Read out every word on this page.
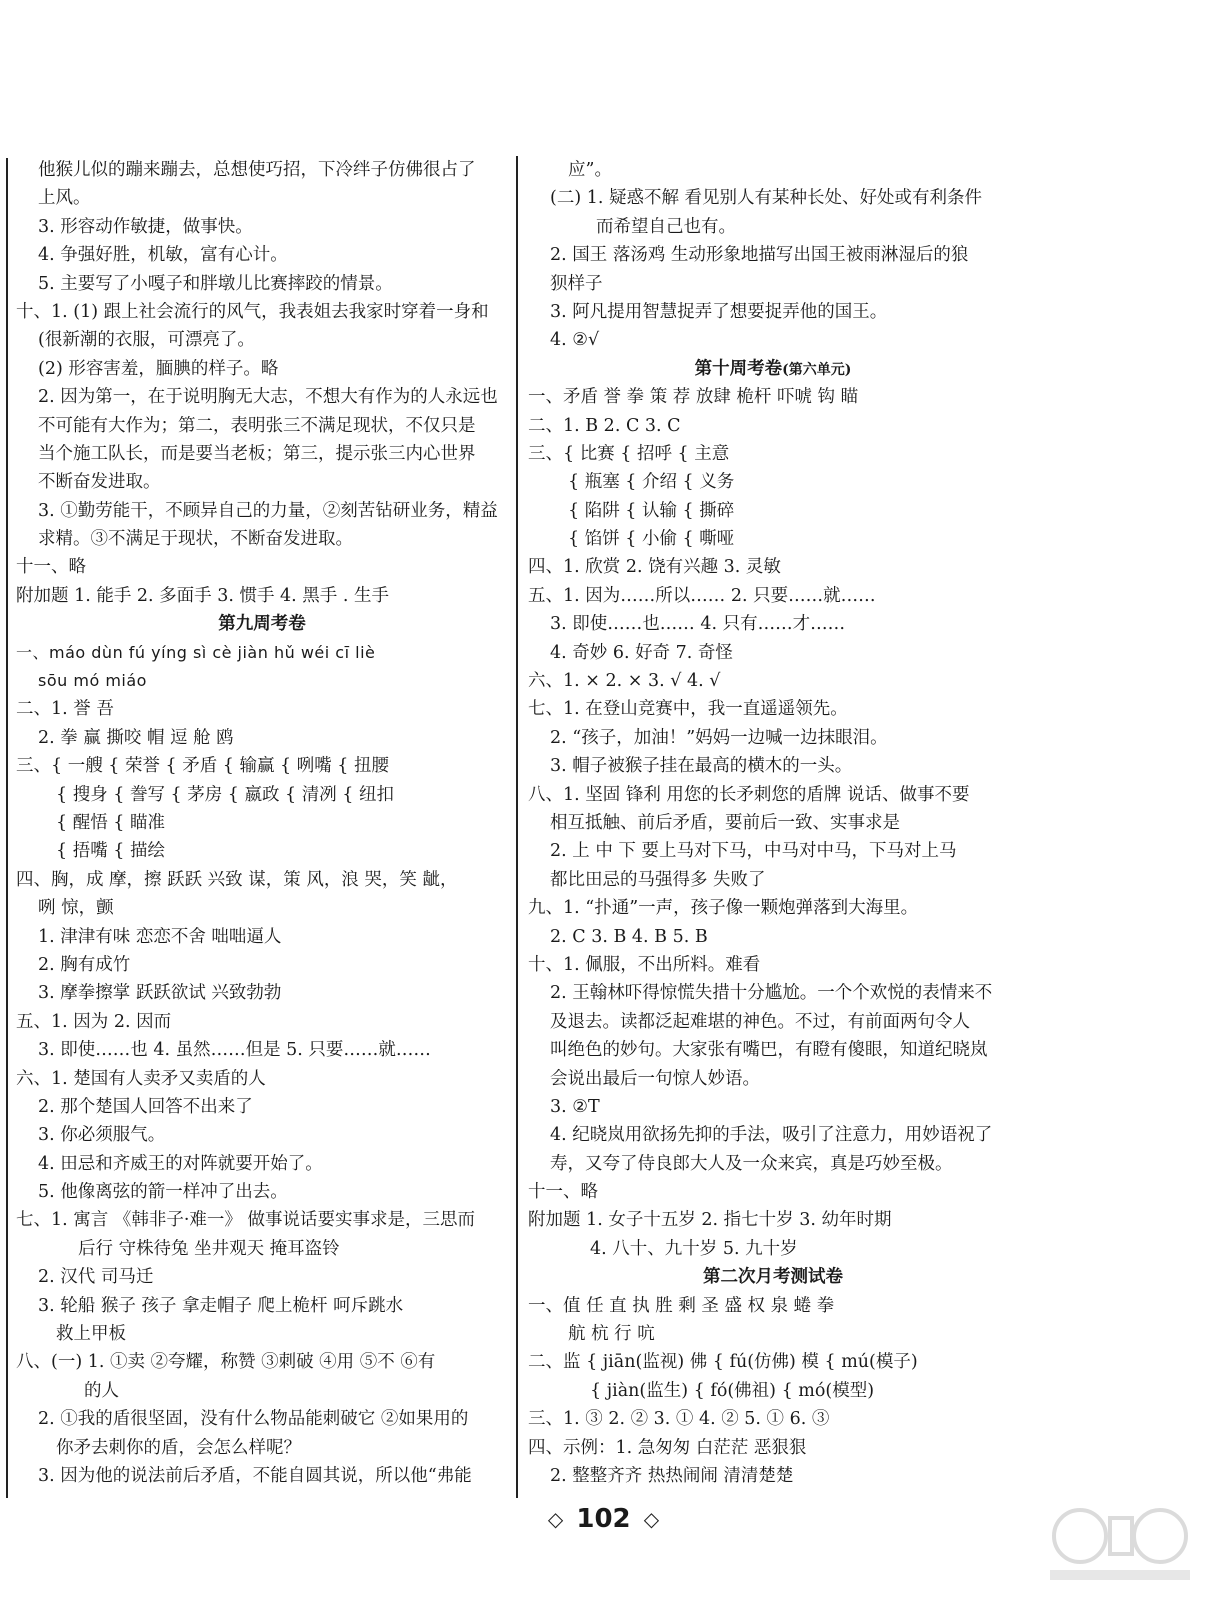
他猴儿似的蹦来蹦去，总想使巧招，下冷绊子仿佛很占了
上风。
3. 形容动作敏捷，做事快。
4. 争强好胜，机敏，富有心计。
5. 主要写了小嘎子和胖墩儿比赛摔跤的情景。
十、1. (1) 跟上社会流行的风气，我表姐去我家时穿着一身和
(很新潮的衣服，可漂亮了。
(2) 形容害羞，腼腆的样子。略
2. 因为第一，在于说明胸无大志，不想大有作为的人永远也
不可能有大作为；第二，表明张三不满足现状，不仅只是
当个施工队长，而是要当老板；第三，提示张三内心世界
不断奋发进取。
3. ①勤劳能干，不顾异自己的力量，②刻苦钻研业务，精益
求精。③不满足于现状，不断奋发进取。
十一、略
附加题 1. 能手 2. 多面手 3. 惯手 4. 黑手 . 生手
第九周考卷
一、máo dùn fú yíng sì cè jiàn hǔ wéi cī liè
sōu mó miáo
二、1. 誉 吾
2. 拳 赢 撕咬 帽 逗 舱 鸥
三、{ 一艘 { 荣誉 { 矛盾 { 输赢 { 咧嘴 { 扭腰
{ 搜身 { 誊写 { 茅房 { 嬴政 { 清冽 { 纽扣
{ 醒悟 { 瞄准
{ 捂嘴 { 描绘
四、胸，成 摩，擦 跃跃 兴致 谋，策 风，浪 哭，笑 龇，
咧 惊，颤
1. 津津有味 恋恋不舍 咄咄逼人
2. 胸有成竹
3. 摩拳擦掌 跃跃欲试 兴致勃勃
五、1. 因为 2. 因而
3. 即使……也 4. 虽然……但是 5. 只要……就……
六、1. 楚国有人卖矛又卖盾的人
2. 那个楚国人回答不出来了
3. 你必须服气。
4. 田忌和齐威王的对阵就要开始了。
5. 他像离弦的箭一样冲了出去。
七、1. 寓言 《韩非子·难一》 做事说话要实事求是，三思而
后行 守株待兔 坐井观天 掩耳盗铃
2. 汉代 司马迁
3. 轮船 猴子 孩子 拿走帽子 爬上桅杆 呵斥跳水
救上甲板
八、(一) 1. ①卖 ②夸耀，称赞 ③刺破 ④用 ⑤不 ⑥有
的人
2. ①我的盾很坚固，没有什么物品能刺破它 ②如果用的
你矛去刺你的盾，会怎么样呢？
3. 因为他的说法前后矛盾，不能自圆其说，所以他“弗能
应”。
(二) 1. 疑惑不解 看见别人有某种长处、好处或有利条件
而希望自己也有。
2. 国王 落汤鸡 生动形象地描写出国王被雨淋湿后的狼
狈样子
3. 阿凡提用智慧捉弄了想要捉弄他的国王。
4. ②√
第十周考卷(第六单元)
一、矛盾 誉 拳 策 荐 放肆 桅杆 吓唬 钩 瞄
二、1. B 2. C 3. C
三、{ 比赛 { 招呼 { 主意
{ 瓶塞 { 介绍 { 义务
{ 陷阱 { 认输 { 撕碎
{ 馅饼 { 小偷 { 嘶哑
四、1. 欣赏 2. 饶有兴趣 3. 灵敏
五、1. 因为……所以…… 2. 只要……就……
3. 即使……也…… 4. 只有……才……
4. 奇妙 6. 好奇 7. 奇怪
六、1. × 2. × 3. √ 4. √
七、1. 在登山竞赛中，我一直遥遥领先。
2. “孩子，加油！”妈妈一边喊一边抹眼泪。
3. 帽子被猴子挂在最高的横木的一头。
八、1. 坚固 锋利 用您的长矛刺您的盾牌 说话、做事不要
相互抵触、前后矛盾，要前后一致、实事求是
2. 上 中 下 要上马对下马，中马对中马，下马对上马
都比田忌的马强得多 失败了
九、1. “扑通”一声，孩子像一颗炮弹落到大海里。
2. C 3. B 4. B 5. B
十、1. 佩服，不出所料。难看
2. 王翰林吓得惊慌失措十分尴尬。一个个欢悦的表情来不
及退去。读都泛起难堪的神色。不过，有前面两句令人
叫绝色的妙句。大家张有嘴巴，有瞪有傻眼，知道纪晓岚
会说出最后一句惊人妙语。
3. ②T
4. 纪晓岚用欲扬先抑的手法，吸引了注意力，用妙语祝了
寿，又夸了侍良郎大人及一众来宾，真是巧妙至极。
十一、略
附加题 1. 女子十五岁 2. 指七十岁 3. 幼年时期
4. 八十、九十岁 5. 九十岁
第二次月考测试卷
一、值 任 直 执 胜 剩 圣 盛 权 泉 蜷 拳
航 杭 行 吭
二、监 { jiān(监视) 佛 { fú(仿佛) 模 { mú(模子)
{ jiàn(监生) { fó(佛祖) { mó(模型)
三、1. ③ 2. ② 3. ① 4. ② 5. ① 6. ③
四、示例：1. 急匆匆 白茫茫 恶狠狠
2. 整整齐齐 热热闹闹 清清楚楚
◇ 102 ◇
